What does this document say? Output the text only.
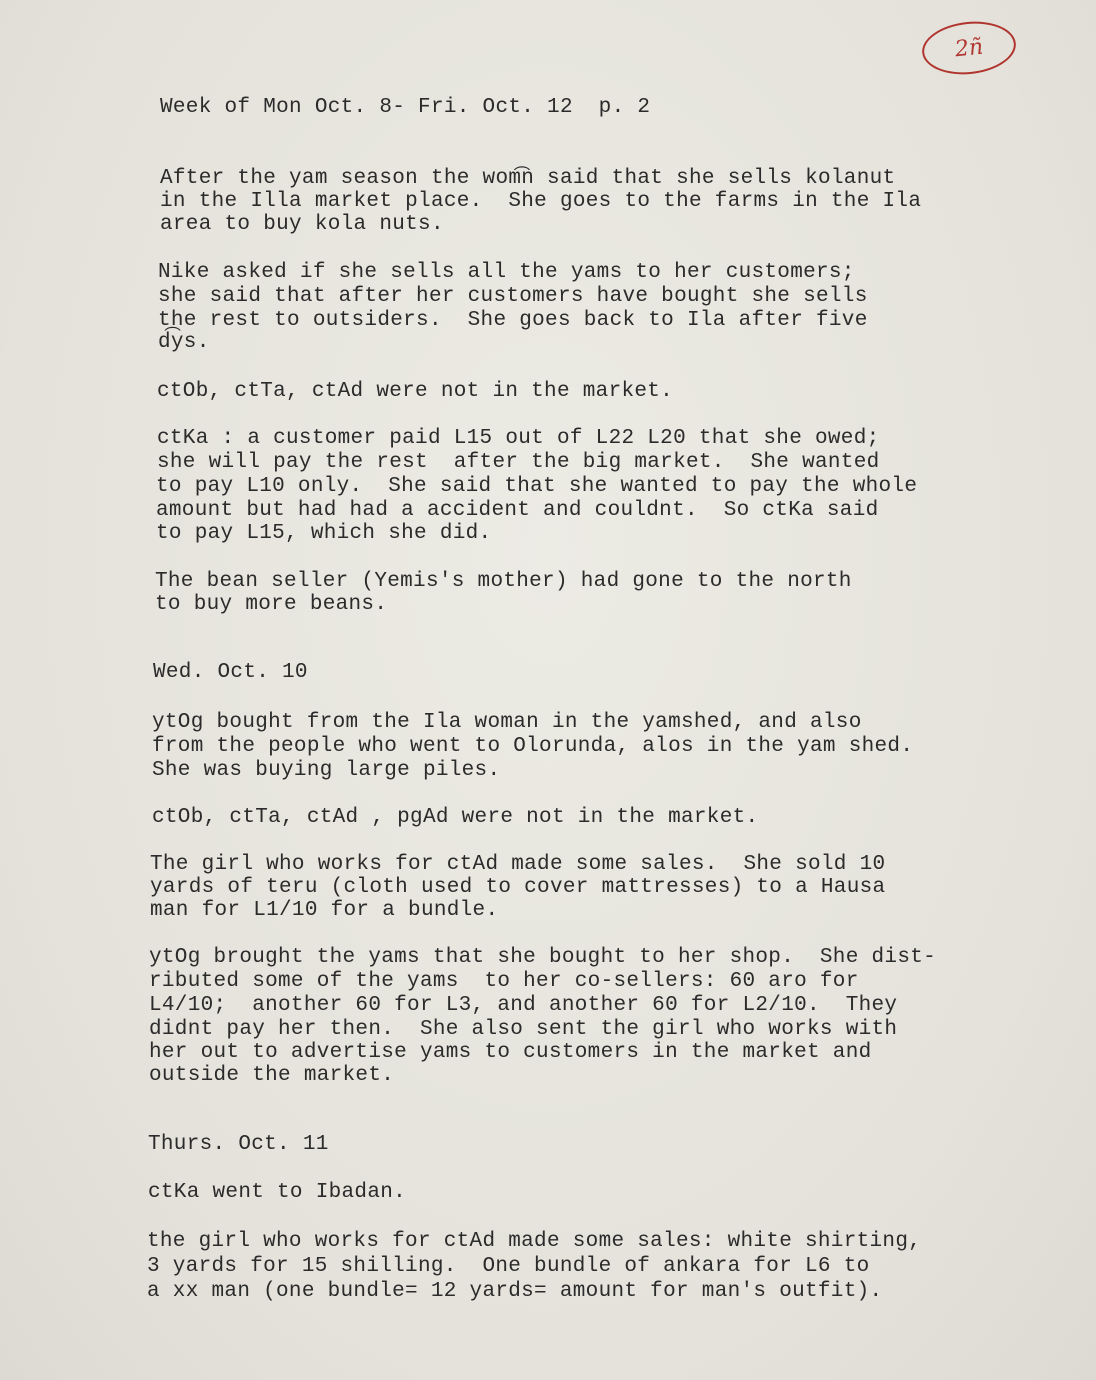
2ñ
Week of Mon Oct. 8- Fri. Oct. 12  p. 2
After the yam season the wom͡n said that she sells kolanut
in the Illa market place.  She goes to the farms in the Ila
area to buy kola nuts.
Nike asked if she sells all the yams to her customers;
she said that after her customers have bought she sells
the rest to outsiders.  She goes back to Ila after five
d͡ys.
ctOb, ctTa, ctAd were not in the market.
ctKa : a customer paid L15 out of L22 L20 that she owed;
she will pay the rest  after the big market.  She wanted
to pay L10 only.  She said that she wanted to pay the whole
amount but had had a accident and couldnt.  So ctKa said
to pay L15, which she did.
The bean seller (Yemis's mother) had gone to the north
to buy more beans.
Wed. Oct. 10
ytOg bought from the Ila woman in the yamshed, and also
from the people who went to Olorunda, alos in the yam shed.
She was buying large piles.
ctOb, ctTa, ctAd , pgAd were not in the market.
The girl who works for ctAd made some sales.  She sold 10
yards of teru (cloth used to cover mattresses) to a Hausa
man for L1/10 for a bundle.
ytOg brought the yams that she bought to her shop.  She dist-
ributed some of the yams  to her co-sellers: 60 aro for
L4/10;  another 60 for L3, and another 60 for L2/10.  They
didnt pay her then.  She also sent the girl who works with
her out to advertise yams to customers in the market and
outside the market.
Thurs. Oct. 11
ctKa went to Ibadan.
the girl who works for ctAd made some sales: white shirting,
3 yards for 15 shilling.  One bundle of ankara for L6 to
a xx man (one bundle= 12 yards= amount for man's outfit).
